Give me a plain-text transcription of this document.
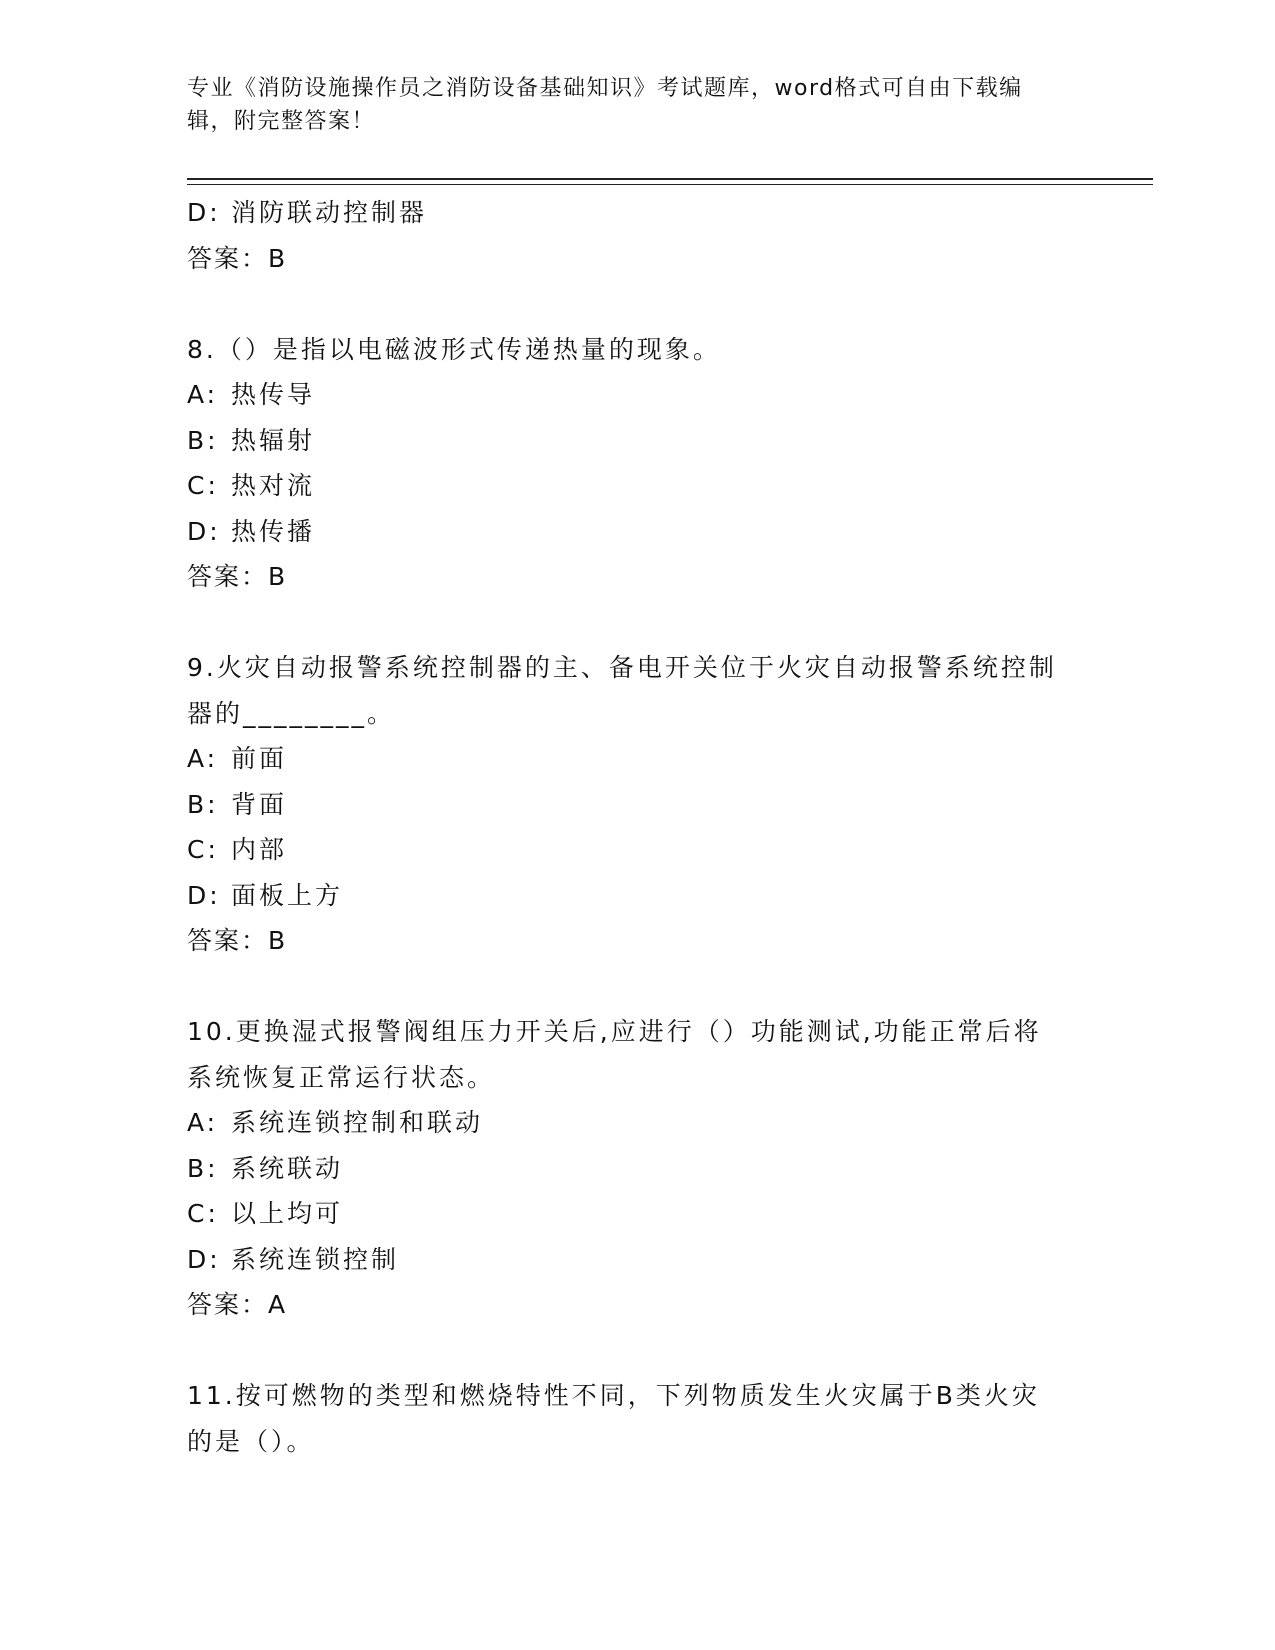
专业《消防设施操作员之消防设备基础知识》考试题库，word格式可自由下载编辑，附完整答案！
D: 消防联动控制器
答案：B
8.（）是指以电磁波形式传递热量的现象。
A: 热传导
B: 热辐射
C: 热对流
D: 热传播
答案：B
9.火灾自动报警系统控制器的主、备电开关位于火灾自动报警系统控制器的________。
A: 前面
B: 背面
C: 内部
D: 面板上方
答案：B
10.更换湿式报警阀组压力开关后,应进行（）功能测试,功能正常后将系统恢复正常运行状态。
A: 系统连锁控制和联动
B: 系统联动
C: 以上均可
D: 系统连锁控制
答案：A
11.按可燃物的类型和燃烧特性不同，下列物质发生火灾属于B类火灾的是（）。
